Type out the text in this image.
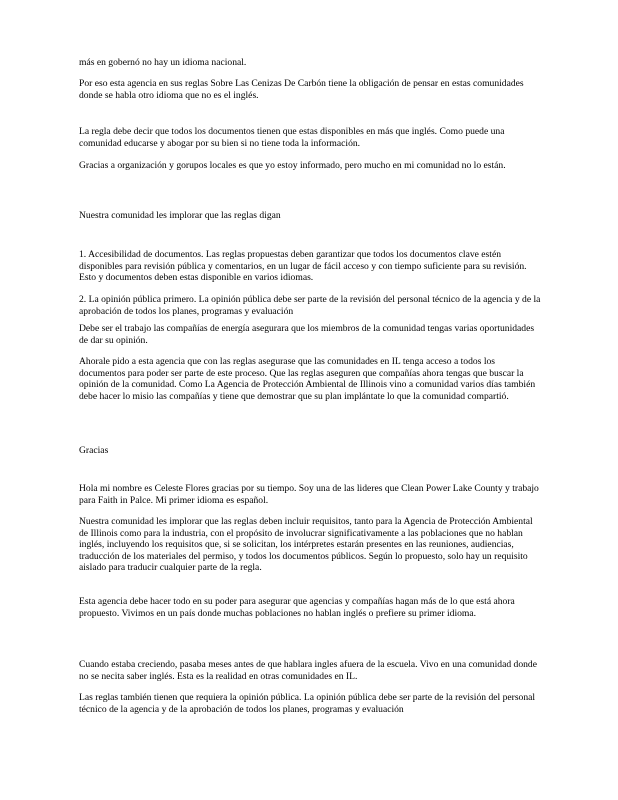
más en gobernó no hay un idioma nacional.

Por eso esta agencia en sus reglas Sobre Las Cenizas De Carbón tiene la obligación de pensar en estas comunidades donde se habla otro idioma que no es el inglés.

La regla debe decir que todos los documentos tienen que estas disponibles en más que inglés. Como puede una comunidad educarse y abogar por su bien si no tiene toda la información.

Gracias a organización y gorupos locales es que yo estoy informado, pero mucho en mi comunidad no lo están.

Nuestra comunidad les implorar que las reglas digan

1. Accesibilidad de documentos. Las reglas propuestas deben garantizar que todos los documentos clave estén disponibles para revisión pública y comentarios, en un lugar de fácil acceso y con tiempo suficiente para su revisión. Esto y documentos deben estas disponible en varios idiomas.

2. La opinión pública primero. La opinión pública debe ser parte de la revisión del personal técnico de la agencia y de la aprobación de todos los planes, programas y evaluación

Debe ser el trabajo las compañías de energía asegurara que los miembros de la comunidad tengas varias oportunidades de dar su opinión.

Ahorale pido a esta agencia que con las reglas asegurase que las comunidades en IL tenga acceso a todos los documentos para poder ser parte de este proceso. Que las reglas aseguren que compañías ahora tengas que buscar la opinión de la comunidad. Como La Agencia de Protección Ambiental de Illinois vino a comunidad varios días también debe hacer lo misio las compañías y tiene que demostrar que su plan implántate lo que la comunidad compartió.

Gracias

Hola mi nombre es Celeste Flores gracias por su tiempo. Soy una de las lideres que Clean Power Lake County y trabajo para Faith in Palce. Mi primer idioma es español.

Nuestra comunidad les implorar que las reglas deben incluir requisitos, tanto para la Agencia de Protección Ambiental de Illinois como para la industria, con el propósito de involucrar significativamente a las poblaciones que no hablan inglés, incluyendo los requisitos que, si se solicitan, los intérpretes estarán presentes en las reuniones, audiencias, traducción de los materiales del permiso, y todos los documentos públicos. Según lo propuesto, solo hay un requisito aislado para traducir cualquier parte de la regla.

Esta agencia debe hacer todo en su poder para asegurar que agencias y compañías hagan más de lo que está ahora propuesto. Vivimos en un país donde muchas poblaciones no hablan inglés o prefiere su primer idioma.

Cuando estaba creciendo, pasaba meses antes de que hablara ingles afuera de la escuela. Vivo en una comunidad donde no se necita saber inglés. Esta es la realidad en otras comunidades en IL.

Las reglas también tienen que requiera la opinión pública. La opinión pública debe ser parte de la revisión del personal técnico de la agencia y de la aprobación de todos los planes, programas y evaluación
